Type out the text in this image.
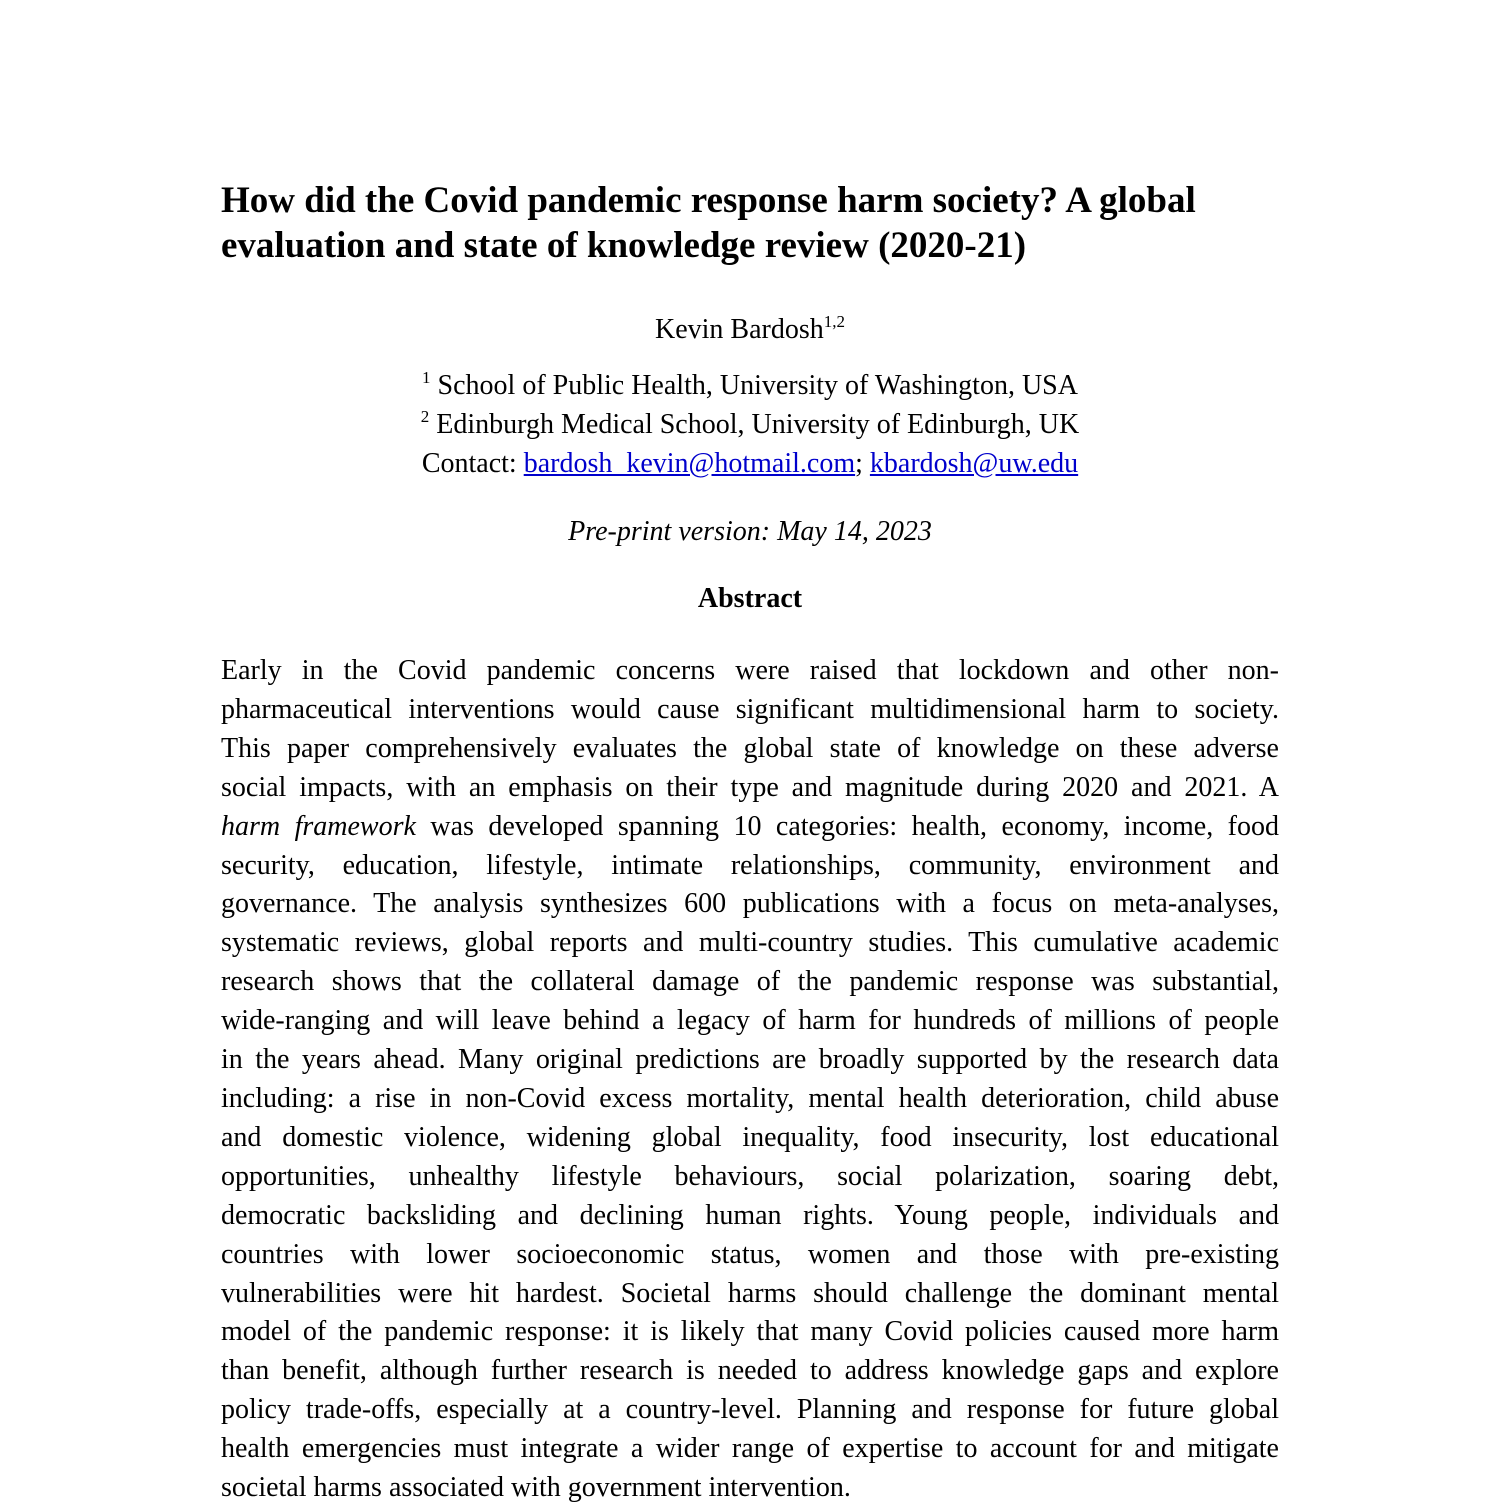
How did the Covid pandemic response harm society? A global
evaluation and state of knowledge review (2020-21)
Kevin Bardosh$^{1,2}$
$^1$ School of Public Health, University of Washington, USA
$^2$ Edinburgh Medical School, University of Edinburgh, UK
Contact: bardosh_kevin@hotmail.com; kbardosh@uw.edu
Pre-print version: May 14, 2023
Abstract
Early in the Covid pandemic concerns were raised that lockdown and other non-
pharmaceutical interventions would cause significant multidimensional harm to society.
This paper comprehensively evaluates the global state of knowledge on these adverse
social impacts, with an emphasis on their type and magnitude during 2020 and 2021. A
harm framework was developed spanning 10 categories: health, economy, income, food
security, education, lifestyle, intimate relationships, community, environment and
governance. The analysis synthesizes 600 publications with a focus on meta-analyses,
systematic reviews, global reports and multi-country studies. This cumulative academic
research shows that the collateral damage of the pandemic response was substantial,
wide-ranging and will leave behind a legacy of harm for hundreds of millions of people
in the years ahead. Many original predictions are broadly supported by the research data
including: a rise in non-Covid excess mortality, mental health deterioration, child abuse
and domestic violence, widening global inequality, food insecurity, lost educational
opportunities, unhealthy lifestyle behaviours, social polarization, soaring debt,
democratic backsliding and declining human rights. Young people, individuals and
countries with lower socioeconomic status, women and those with pre-existing
vulnerabilities were hit hardest. Societal harms should challenge the dominant mental
model of the pandemic response: it is likely that many Covid policies caused more harm
than benefit, although further research is needed to address knowledge gaps and explore
policy trade-offs, especially at a country-level. Planning and response for future global
health emergencies must integrate a wider range of expertise to account for and mitigate
societal harms associated with government intervention.
